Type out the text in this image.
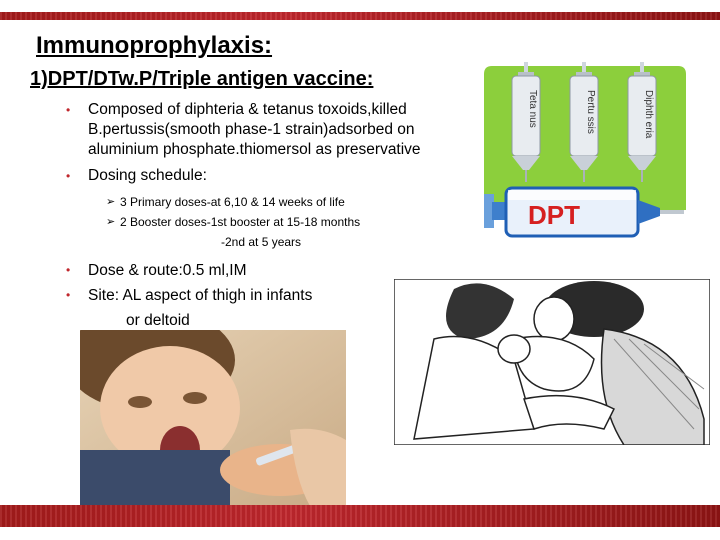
Immunoprophylaxis:
1)DPT/DTw.P/Triple antigen vaccine:
• Composed of diphteria & tetanus toxoids,killed B.pertussis(smooth phase-1 strain)adsorbed on aluminium phosphate.thiomersol as preservative
• Dosing schedule:
➢ 3 Primary doses-at 6,10 & 14 weeks of life
➢ 2 Booster doses-1st booster at 15-18 months
-2nd at 5 years
• Dose & route:0.5 ml,IM
• Site: AL aspect of thigh in infants
or deltoid
Teta nus	Pertu ssis	Diphth eria
DPT
